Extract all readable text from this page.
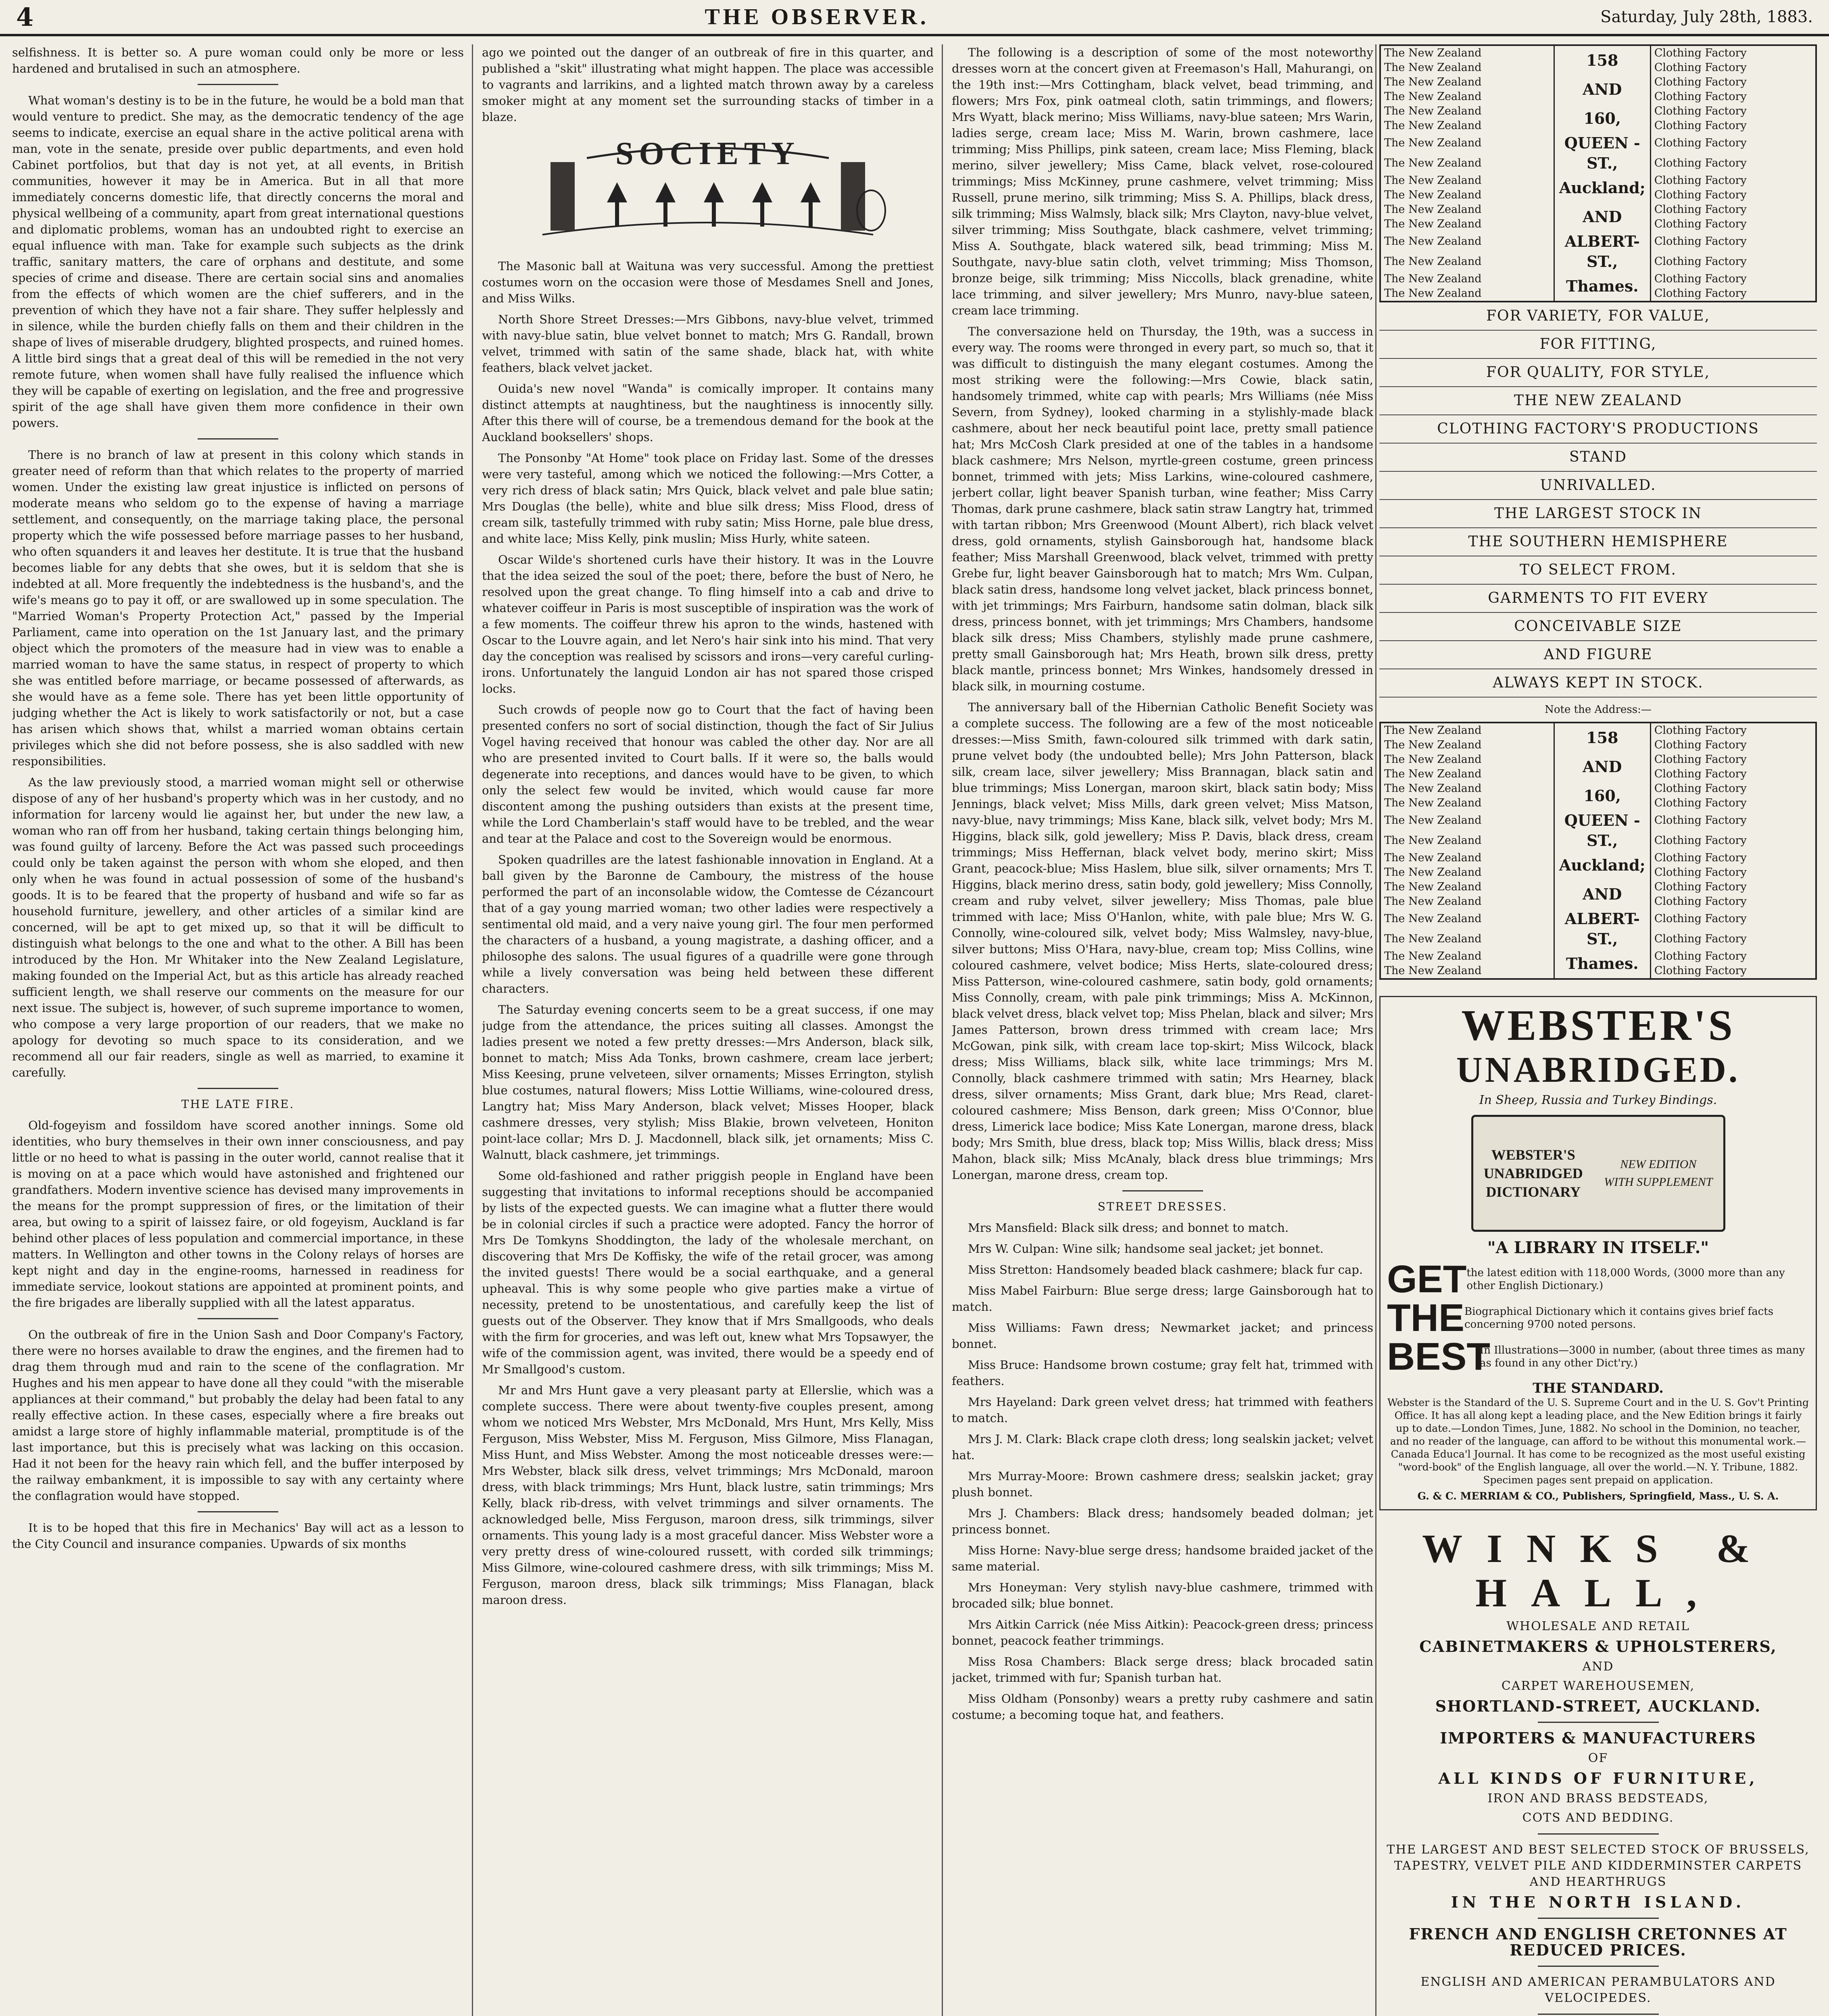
4	THE OBSERVER.	Saturday, July 28th, 1883.

selfishness. It is better so. A pure woman could only be more or less hardened and brutalised in such an atmosphere.

What woman's destiny is to be in the future, he would be a bold man that would venture to predict. She may, as the democratic tendency of the age seems to indicate, exercise an equal share in the active political arena with man, vote in the senate, preside over public departments, and even hold Cabinet portfolios, but that day is not yet, at all events, in British communities, however it may be in America. But in all that more immediately concerns domestic life, that directly concerns the moral and physical wellbeing of a community, apart from great international questions and diplomatic problems, woman has an undoubted right to exercise an equal influence with man. Take for example such subjects as the drink traffic, sanitary matters, the care of orphans and destitute, and some species of crime and disease. There are certain social sins and anomalies from the effects of which women are the chief sufferers, and in the prevention of which they have not a fair share. They suffer helplessly and in silence, while the burden chiefly falls on them and their children in the shape of lives of miserable drudgery, blighted prospects, and ruined homes. A little bird sings that a great deal of this will be remedied in the not very remote future, when women shall have fully realised the influence which they will be capable of exerting on legislation, and the free and progressive spirit of the age shall have given them more confidence in their own powers.

There is no branch of law at present in this colony which stands in greater need of reform than that which relates to the property of married women. Under the existing law great injustice is inflicted on persons of moderate means who seldom go to the expense of having a marriage settlement, and consequently, on the marriage taking place, the personal property which the wife possessed before marriage passes to her husband, who often squanders it and leaves her destitute. It is true that the husband becomes liable for any debts that she owes, but it is seldom that she is indebted at all. More frequently the indebtedness is the husband's, and the wife's means go to pay it off, or are swallowed up in some speculation. The "Married Woman's Property Protection Act," passed by the Imperial Parliament, came into operation on the 1st January last, and the primary object which the promoters of the measure had in view was to enable a married woman to have the same status, in respect of property to which she was entitled before marriage, or became possessed of afterwards, as she would have as a feme sole. There has yet been little opportunity of judging whether the Act is likely to work satisfactorily or not, but a case has arisen which shows that, whilst a married woman obtains certain privileges which she did not before possess, she is also saddled with new responsibilities.

As the law previously stood, a married woman might sell or otherwise dispose of any of her husband's property which was in her custody, and no information for larceny would lie against her, but under the new law, a woman who ran off from her husband, taking certain things belonging him, was found guilty of larceny. Before the Act was passed such proceedings could only be taken against the person with whom she eloped, and then only when he was found in actual possession of some of the husband's goods. It is to be feared that the property of husband and wife so far as household furniture, jewellery, and other articles of a similar kind are concerned, will be apt to get mixed up, so that it will be difficult to distinguish what belongs to the one and what to the other. A Bill has been introduced by the Hon. Mr Whitaker into the New Zealand Legislature, making founded on the Imperial Act, but as this article has already reached sufficient length, we shall reserve our comments on the measure for our next issue. The subject is, however, of such supreme importance to women, who compose a very large proportion of our readers, that we make no apology for devoting so much space to its consideration, and we recommend all our fair readers, single as well as married, to examine it carefully.

THE LATE FIRE.

Old-fogeyism and fossildom have scored another innings. Some old identities, who bury themselves in their own inner consciousness, and pay little or no heed to what is passing in the outer world, cannot realise that it is moving on at a pace which would have astonished and frightened our grandfathers. Modern inventive science has devised many improvements in the means for the prompt suppression of fires, or the limitation of their area, but owing to a spirit of laissez faire, or old fogeyism, Auckland is far behind other places of less population and commercial importance, in these matters. In Wellington and other towns in the Colony relays of horses are kept night and day in the engine-rooms, harnessed in readiness for immediate service, lookout stations are appointed at prominent points, and the fire brigades are liberally supplied with all the latest apparatus.

On the outbreak of fire in the Union Sash and Door Company's Factory, there were no horses available to draw the engines, and the firemen had to drag them through mud and rain to the scene of the conflagration. Mr Hughes and his men appear to have done all they could "with the miserable appliances at their command," but probably the delay had been fatal to any really effective action. In these cases, especially where a fire breaks out amidst a large store of highly inflammable material, promptitude is of the last importance, but this is precisely what was lacking on this occasion. Had it not been for the heavy rain which fell, and the buffer interposed by the railway embankment, it is impossible to say with any certainty where the conflagration would have stopped.

It is to be hoped that this fire in Mechanics' Bay will act as a lesson to the City Council and insurance companies. Upwards of six months

ago we pointed out the danger of an outbreak of fire in this quarter, and published a "skit" illustrating what might happen. The place was accessible to vagrants and larrikins, and a lighted match thrown away by a careless smoker might at any moment set the surrounding stacks of timber in a blaze.

SOCIETY

The Masonic ball at Waituna was very successful. Among the prettiest costumes worn on the occasion were those of Mesdames Snell and Jones, and Miss Wilks.

North Shore Street Dresses:—Mrs Gibbons, navy-blue velvet, trimmed with navy-blue satin, blue velvet bonnet to match; Mrs G. Randall, brown velvet, trimmed with satin of the same shade, black hat, with white feathers, black velvet jacket.

Ouida's new novel "Wanda" is comically improper. It contains many distinct attempts at naughtiness, but the naughtiness is innocently silly. After this there will of course, be a tremendous demand for the book at the Auckland booksellers' shops.

The Ponsonby "At Home" took place on Friday last. Some of the dresses were very tasteful, among which we noticed the following:—Mrs Cotter, a very rich dress of black satin; Mrs Quick, black velvet and pale blue satin; Mrs Douglas (the belle), white and blue silk dress; Miss Flood, dress of cream silk, tastefully trimmed with ruby satin; Miss Horne, pale blue dress, and white lace; Miss Kelly, pink muslin; Miss Hurly, white sateen.

Oscar Wilde's shortened curls have their history. It was in the Louvre that the idea seized the soul of the poet; there, before the bust of Nero, he resolved upon the great change. To fling himself into a cab and drive to whatever coiffeur in Paris is most susceptible of inspiration was the work of a few moments. The coiffeur threw his apron to the winds, hastened with Oscar to the Louvre again, and let Nero's hair sink into his mind. That very day the conception was realised by scissors and irons—very careful curling-irons. Unfortunately the languid London air has not spared those crisped locks.

Such crowds of people now go to Court that the fact of having been presented confers no sort of social distinction, though the fact of Sir Julius Vogel having received that honour was cabled the other day. Nor are all who are presented invited to Court balls. If it were so, the balls would degenerate into receptions, and dances would have to be given, to which only the select few would be invited, which would cause far more discontent among the pushing outsiders than exists at the present time, while the Lord Chamberlain's staff would have to be trebled, and the wear and tear at the Palace and cost to the Sovereign would be enormous.

Spoken quadrilles are the latest fashionable innovation in England. At a ball given by the Baronne de Camboury, the mistress of the house performed the part of an inconsolable widow, the Comtesse de Cézancourt that of a gay young married woman; two other ladies were respectively a sentimental old maid, and a very naive young girl. The four men performed the characters of a husband, a young magistrate, a dashing officer, and a philosophe des salons. The usual figures of a quadrille were gone through while a lively conversation was being held between these different characters.

The Saturday evening concerts seem to be a great success, if one may judge from the attendance, the prices suiting all classes. Amongst the ladies present we noted a few pretty dresses:—Mrs Anderson, black silk, bonnet to match; Miss Ada Tonks, brown cashmere, cream lace jerbert; Miss Keesing, prune velveteen, silver ornaments; Misses Errington, stylish blue costumes, natural flowers; Miss Lottie Williams, wine-coloured dress, Langtry hat; Miss Mary Anderson, black velvet; Misses Hooper, black cashmere dresses, very stylish; Miss Blakie, brown velveteen, Honiton point-lace collar; Mrs D. J. Macdonnell, black silk, jet ornaments; Miss C. Walnutt, black cashmere, jet trimmings.

Some old-fashioned and rather priggish people in England have been suggesting that invitations to informal receptions should be accompanied by lists of the expected guests. We can imagine what a flutter there would be in colonial circles if such a practice were adopted. Fancy the horror of Mrs De Tomkyns Shoddington, the lady of the wholesale merchant, on discovering that Mrs De Koffisky, the wife of the retail grocer, was among the invited guests! There would be a social earthquake, and a general upheaval. This is why some people who give parties make a virtue of necessity, pretend to be unostentatious, and carefully keep the list of guests out of the Observer. They know that if Mrs Smallgoods, who deals with the firm for groceries, and was left out, knew what Mrs Topsawyer, the wife of the commission agent, was invited, there would be a speedy end of Mr Smallgood's custom.

Mr and Mrs Hunt gave a very pleasant party at Ellerslie, which was a complete success. There were about twenty-five couples present, among whom we noticed Mrs Webster, Mrs McDonald, Mrs Hunt, Mrs Kelly, Miss Ferguson, Miss Webster, Miss M. Ferguson, Miss Gilmore, Miss Flanagan, Miss Hunt, and Miss Webster. Among the most noticeable dresses were:—Mrs Webster, black silk dress, velvet trimmings; Mrs McDonald, maroon dress, with black trimmings; Mrs Hunt, black lustre, satin trimmings; Mrs Kelly, black rib-dress, with velvet trimmings and silver ornaments. The acknowledged belle, Miss Ferguson, maroon dress, silk trimmings, silver ornaments. This young lady is a most graceful dancer. Miss Webster wore a very pretty dress of wine-coloured russett, with corded silk trimmings; Miss Gilmore, wine-coloured cashmere dress, with silk trimmings; Miss M. Ferguson, maroon dress, black silk trimmings; Miss Flanagan, black maroon dress.

The following is a description of some of the most noteworthy dresses worn at the concert given at Freemason's Hall, Mahurangi, on the 19th inst:—Mrs Cottingham, black velvet, bead trimming, and flowers; Mrs Fox, pink oatmeal cloth, satin trimmings, and flowers; Mrs Wyatt, black merino; Miss Williams, navy-blue sateen; Mrs Warin, ladies serge, cream lace; Miss M. Warin, brown cashmere, lace trimming; Miss Phillips, pink sateen, cream lace; Miss Fleming, black merino, silver jewellery; Miss Came, black velvet, rose-coloured trimmings; Miss McKinney, prune cashmere, velvet trimming; Miss Russell, prune merino, silk trimming; Miss S. A. Phillips, black dress, silk trimming; Miss Walmsly, black silk; Mrs Clayton, navy-blue velvet, silver trimming; Miss Southgate, black cashmere, velvet trimming; Miss A. Southgate, black watered silk, bead trimming; Miss M. Southgate, navy-blue satin cloth, velvet trimming; Miss Thomson, bronze beige, silk trimming; Miss Niccolls, black grenadine, white lace trimming, and silver jewellery; Mrs Munro, navy-blue sateen, cream lace trimming.

The conversazione held on Thursday, the 19th, was a success in every way. The rooms were thronged in every part, so much so, that it was difficult to distinguish the many elegant costumes. Among the most striking were the following:—Mrs Cowie, black satin, handsomely trimmed, white cap with pearls; Mrs Williams (née Miss Severn, from Sydney), looked charming in a stylishly-made black cashmere, about her neck beautiful point lace, pretty small patience hat; Mrs McCosh Clark presided at one of the tables in a handsome black cashmere; Mrs Nelson, myrtle-green costume, green princess bonnet, trimmed with jets; Miss Larkins, wine-coloured cashmere, jerbert collar, light beaver Spanish turban, wine feather; Miss Carry Thomas, dark prune cashmere, black satin straw Langtry hat, trimmed with tartan ribbon; Mrs Greenwood (Mount Albert), rich black velvet dress, gold ornaments, stylish Gainsborough hat, handsome black feather; Miss Marshall Greenwood, black velvet, trimmed with pretty Grebe fur, light beaver Gainsborough hat to match; Mrs Wm. Culpan, black satin dress, handsome long velvet jacket, black princess bonnet, with jet trimmings; Mrs Fairburn, handsome satin dolman, black silk dress, princess bonnet, with jet trimmings; Mrs Chambers, handsome black silk dress; Miss Chambers, stylishly made prune cashmere, pretty small Gainsborough hat; Mrs Heath, brown silk dress, pretty black mantle, princess bonnet; Mrs Winkes, handsomely dressed in black silk, in mourning costume.

The anniversary ball of the Hibernian Catholic Benefit Society was a complete success. The following are a few of the most noticeable dresses:—Miss Smith, fawn-coloured silk trimmed with dark satin, prune velvet body (the undoubted belle); Mrs John Patterson, black silk, cream lace, silver jewellery; Miss Brannagan, black satin and blue trimmings; Miss Lonergan, maroon skirt, black satin body; Miss Jennings, black velvet; Miss Mills, dark green velvet; Miss Matson, navy-blue, navy trimmings; Miss Kane, black silk, velvet body; Mrs M. Higgins, black silk, gold jewellery; Miss P. Davis, black dress, cream trimmings; Miss Heffernan, black velvet body, merino skirt; Miss Grant, peacock-blue; Miss Haslem, blue silk, silver ornaments; Mrs T. Higgins, black merino dress, satin body, gold jewellery; Miss Connolly, cream and ruby velvet, silver jewellery; Miss Thomas, pale blue trimmed with lace; Miss O'Hanlon, white, with pale blue; Mrs W. G. Connolly, wine-coloured silk, velvet body; Miss Walmsley, navy-blue, silver buttons; Miss O'Hara, navy-blue, cream top; Miss Collins, wine coloured cashmere, velvet bodice; Miss Herts, slate-coloured dress; Miss Patterson, wine-coloured cashmere, satin body, gold ornaments; Miss Connolly, cream, with pale pink trimmings; Miss A. McKinnon, black velvet dress, black velvet top; Miss Phelan, black and silver; Mrs James Patterson, brown dress trimmed with cream lace; Mrs McGowan, pink silk, with cream lace top-skirt; Miss Wilcock, black dress; Miss Williams, black silk, white lace trimmings; Mrs M. Connolly, black cashmere trimmed with satin; Mrs Hearney, black dress, silver ornaments; Miss Grant, dark blue; Mrs Read, claret-coloured cashmere; Miss Benson, dark green; Miss O'Connor, blue dress, Limerick lace bodice; Miss Kate Lonergan, marone dress, black body; Mrs Smith, blue dress, black top; Miss Willis, black dress; Miss Mahon, black silk; Miss McAnaly, black dress blue trimmings; Mrs Lonergan, marone dress, cream top.

STREET DRESSES.

Mrs Mansfield: Black silk dress; and bonnet to match.

Mrs W. Culpan: Wine silk; handsome seal jacket; jet bonnet.

Miss Stretton: Handsomely beaded black cashmere; black fur cap.

Miss Mabel Fairburn: Blue serge dress; large Gainsborough hat to match.

Miss Williams: Fawn dress; Newmarket jacket; and princess bonnet.

Miss Bruce: Handsome brown costume; gray felt hat, trimmed with feathers.

Mrs Hayeland: Dark green velvet dress; hat trimmed with feathers to match.

Mrs J. M. Clark: Black crape cloth dress; long sealskin jacket; velvet hat.

Mrs Murray-Moore: Brown cashmere dress; sealskin jacket; gray plush bonnet.

Mrs J. Chambers: Black dress; handsomely beaded dolman; jet princess bonnet.

Miss Horne: Navy-blue serge dress; handsome braided jacket of the same material.

Mrs Honeyman: Very stylish navy-blue cashmere, trimmed with brocaded silk; blue bonnet.

Mrs Aitkin Carrick (née Miss Aitkin): Peacock-green dress; princess bonnet, peacock feather trimmings.

Miss Rosa Chambers: Black serge dress; black brocaded satin jacket, trimmed with fur; Spanish turban hat.

Miss Oldham (Ponsonby) wears a pretty ruby cashmere and satin costume; a becoming toque hat, and feathers.

The New Zealand	158	Clothing Factory
The New Zealand		Clothing Factory
The New Zealand	AND	Clothing Factory
The New Zealand		Clothing Factory
The New Zealand	160,	Clothing Factory
The New Zealand		Clothing Factory
The New Zealand	QUEEN - ST.,	Clothing Factory
The New Zealand		Clothing Factory
The New Zealand	Auckland;	Clothing Factory
The New Zealand		Clothing Factory
The New Zealand	AND	Clothing Factory
The New Zealand		Clothing Factory
The New Zealand	ALBERT-ST.,	Clothing Factory
The New Zealand		Clothing Factory
The New Zealand	Thames.	Clothing Factory
The New Zealand		Clothing Factory
FOR VARIETY, FOR VALUE,
FOR FITTING,
FOR QUALITY, FOR STYLE,
THE NEW ZEALAND
CLOTHING FACTORY'S PRODUCTIONS
STAND
UNRIVALLED.
THE LARGEST STOCK IN
THE SOUTHERN HEMISPHERE
TO SELECT FROM.
GARMENTS TO FIT EVERY
CONCEIVABLE SIZE
AND FIGURE
ALWAYS KEPT IN STOCK.
Note the Address:—
The New Zealand	158	Clothing Factory
The New Zealand		Clothing Factory
The New Zealand	AND	Clothing Factory
The New Zealand		Clothing Factory
The New Zealand	160,	Clothing Factory
The New Zealand		Clothing Factory
The New Zealand	QUEEN - ST.,	Clothing Factory
The New Zealand		Clothing Factory
The New Zealand	Auckland;	Clothing Factory
The New Zealand		Clothing Factory
The New Zealand	AND	Clothing Factory
The New Zealand		Clothing Factory
The New Zealand	ALBERT-ST.,	Clothing Factory
The New Zealand		Clothing Factory
The New Zealand	Thames.	Clothing Factory
The New Zealand		Clothing Factory
WEBSTER'S
UNABRIDGED.
In Sheep, Russia and Turkey Bindings.
WEBSTER'S
UNABRIDGED
DICTIONARY
NEW EDITION
WITH SUPPLEMENT
"A LIBRARY IN ITSELF."
GET the latest edition with 118,000 Words, (3000 more than any other English Dictionary.)
THE Biographical Dictionary which it contains gives brief facts concerning 9700 noted persons.
BEST
In Illustrations—3000 in number, (about three times as many as found in any other Dict'ry.)
THE STANDARD.
Webster is the Standard of the U. S. Supreme Court and in the U. S. Gov't Printing Office. It has all along kept a leading place, and the New Edition brings it fairly up to date.—London Times, June, 1882. No school in the Dominion, no teacher, and no reader of the language, can afford to be without this monumental work.—Canada Educa'l Journal. It has come to be recognized as the most useful existing "word-book" of the English language, all over the world.—N. Y. Tribune, 1882. Specimen pages sent prepaid on application.
G. & C. MERRIAM & CO., Publishers, Springfield, Mass., U. S. A.
WINKS & HALL,
WHOLESALE AND RETAIL
CABINETMAKERS & UPHOLSTERERS,
AND
CARPET WAREHOUSEMEN,
SHORTLAND-STREET, AUCKLAND.
IMPORTERS & MANUFACTURERS
OF
ALL KINDS OF FURNITURE,
IRON AND BRASS BEDSTEADS,
COTS AND BEDDING.
THE LARGEST AND BEST SELECTED STOCK OF BRUSSELS, TAPESTRY, VELVET PILE AND KIDDERMINSTER CARPETS AND HEARTHRUGS
IN THE NORTH ISLAND.
FRENCH AND ENGLISH CRETONNES AT REDUCED PRICES.
ENGLISH AND AMERICAN PERAMBULATORS AND VELOCIPEDES.
